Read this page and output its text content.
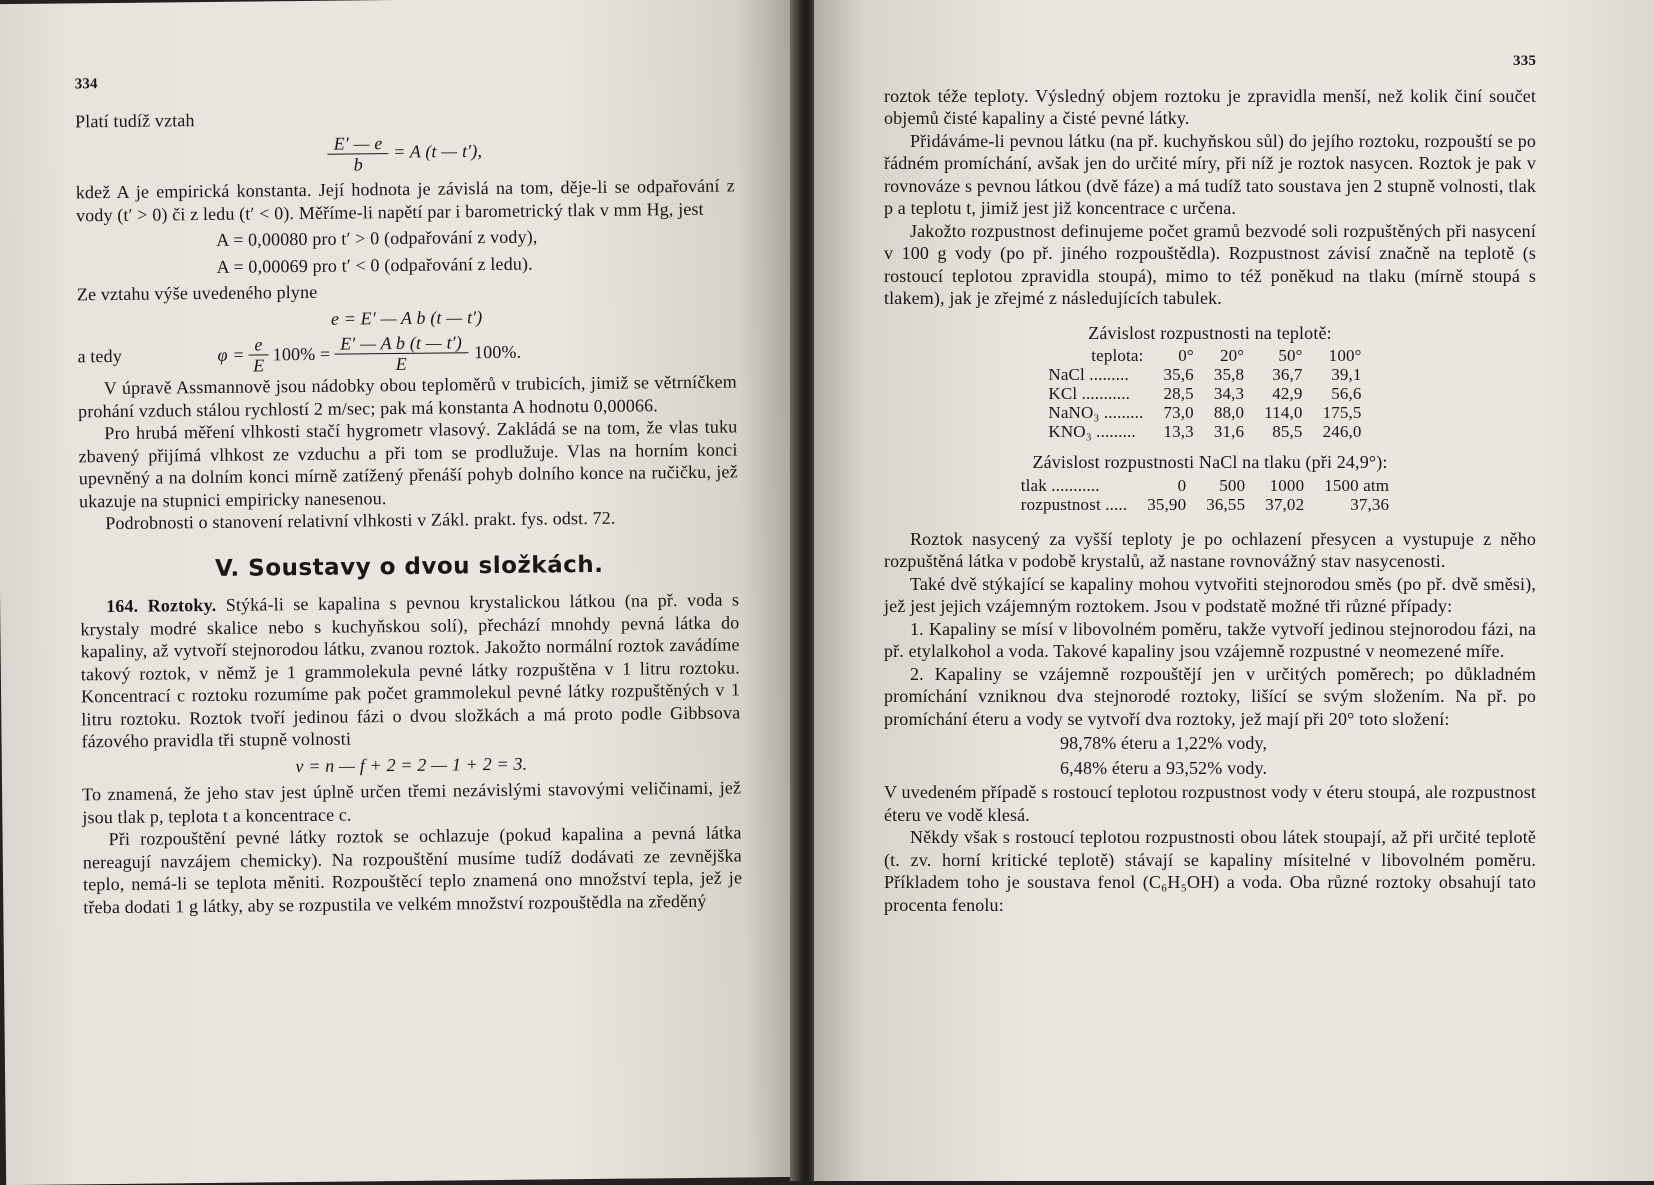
334

Platí tudíž vztah

$\frac{E' — e}{b} = A$ (t — t′),

kdež A je empirická konstanta. Její hodnota je závislá na tom, děje-li se odpařování z vody (t′ > 0) či z ledu (t′ < 0). Měříme-li napětí par i barometrický tlak v mm Hg, jest

A = 0,00080 pro t′ > 0 (odpařování z vody),
A = 0,00069 pro t′ < 0 (odpařování z ledu).

Ze vztahu výše uvedeného plyne

e = E′ — A b (t — t′)
a tedy	$\varphi = \frac{e}{E} 100\% = \frac{\text{E′ — A b (t — t′)}}{E} 100\%$.

V úpravě Assmannově jsou nádobky obou teploměrů v trubicích, jimiž se větrníčkem prohání vzduch stálou rychlostí 2 m/sec; pak má konstanta A hodnotu 0,00066.

Pro hrubá měření vlhkosti stačí hygrometr vlasový. Zakládá se na tom, že vlas tuku zbavený přijímá vlhkost ze vzduchu a při tom se prodlužuje. Vlas na horním konci upevněný a na dolním konci mírně zatížený přenáší pohyb dolního konce na ručičku, jež ukazuje na stupnici empiricky nanesenou.

Podrobnosti o stanovení relativní vlhkosti v Zákl. prakt. fys. odst. 72.

V. Soustavy o dvou složkách.

164. Roztoky. Stýká-li se kapalina s pevnou krystalickou látkou (na př. voda s krystaly modré skalice nebo s kuchyňskou solí), přechází mnohdy pevná látka do kapaliny, až vytvoří stejnorodou látku, zvanou roztok. Jakožto normální roztok zavádíme takový roztok, v němž je 1 grammolekula pevné látky rozpuštěna v 1 litru roztoku. Koncentrací c roztoku rozumíme pak počet grammolekul pevné látky rozpuštěných v 1 litru roztoku. Roztok tvoří jedinou fázi o dvou složkách a má proto podle Gibbsova fázového pravidla tři stupně volnosti

v = n — f + 2 = 2 — 1 + 2 = 3.

To znamená, že jeho stav jest úplně určen třemi nezávislými stavovými veličinami, jež jsou tlak p, teplota t a koncentrace c.

Při rozpouštění pevné látky roztok se ochlazuje (pokud kapalina a pevná látka nereagují navzájem chemicky). Na rozpouštění musíme tudíž dodávati ze zevnějška teplo, nemá-li se teplota měniti. Rozpouštěcí teplo znamená ono množství tepla, jež je třeba dodati 1 g látky, aby se rozpustila ve velkém množství rozpouštědla na zředěný

335

roztok téže teploty. Výsledný objem roztoku je zpravidla menší, než kolik činí součet objemů čisté kapaliny a čisté pevné látky.

Přidáváme-li pevnou látku (na př. kuchyňskou sůl) do jejího roztoku, rozpouští se po řádném promíchání, avšak jen do určité míry, při níž je roztok nasycen. Roztok je pak v rovnováze s pevnou látkou (dvě fáze) a má tudíž tato soustava jen 2 stupně volnosti, tlak p a teplotu t, jimiž jest již koncentrace c určena.

Jakožto rozpustnost definujeme počet gramů bezvodé soli rozpuštěných při nasycení v 100 g vody (po př. jiného rozpouštědla). Rozpustnost závisí značně na teplotě (s rostoucí teplotou zpravidla stoupá), mimo to též poněkud na tlaku (mírně stoupá s tlakem), jak je zřejmé z následujících tabulek.

Závislost rozpustnosti na teplotě:
teplota:	0°	20°	50°	100°
NaCl .........	35,6	35,8	36,7	39,1
KCl ...........	28,5	34,3	42,9	56,6
NaNO₃ .........	73,0	88,0	114,0	175,5
KNO₃ .........	13,3	31,6	85,5	246,0
Závislost rozpustnosti NaCl na tlaku (při 24,9°):
tlak ...........	0	500	1000	1500 atm
rozpustnost .....	35,90	36,55	37,02	37,36

Roztok nasycený za vyšší teploty je po ochlazení přesycen a vystupuje z něho rozpuštěná látka v podobě krystalů, až nastane rovnovážný stav nasycenosti.

Také dvě stýkající se kapaliny mohou vytvořiti stejnorodou směs (po př. dvě směsi), jež jest jejich vzájemným roztokem. Jsou v podstatě možné tři různé případy:

1. Kapaliny se mísí v libovolném poměru, takže vytvoří jedinou stejnorodou fázi, na př. etylalkohol a voda. Takové kapaliny jsou vzájemně rozpustné v neomezené míře.

2. Kapaliny se vzájemně rozpouštějí jen v určitých poměrech; po důkladném promíchání vzniknou dva stejnorodé roztoky, lišící se svým složením. Na př. po promíchání éteru a vody se vytvoří dva roztoky, jež mají při 20° toto složení:

98,78% éteru a 1,22% vody,
6,48% éteru a 93,52% vody.

V uvedeném případě s rostoucí teplotou rozpustnost vody v éteru stoupá, ale rozpustnost éteru ve vodě klesá.

Někdy však s rostoucí teplotou rozpustnosti obou látek stoupají, až při určité teplotě (t. zv. horní kritické teplotě) stávají se kapaliny mísitelné v libovolném poměru. Příkladem toho je soustava fenol (C₆H₅OH) a voda. Oba různé roztoky obsahují tato procenta fenolu:
